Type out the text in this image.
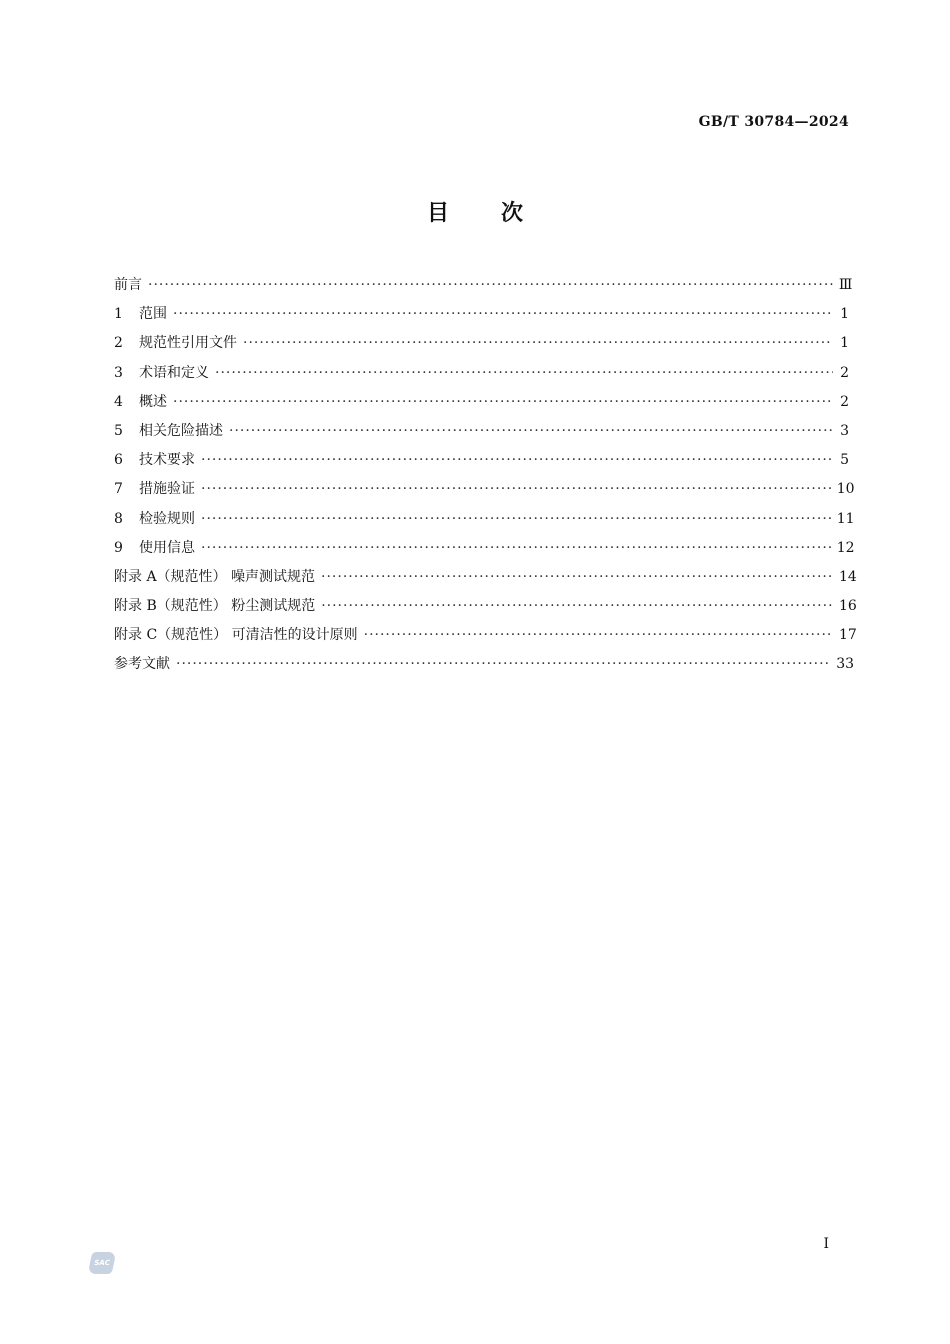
GB/T 30784—2024
目次
前言 ·····	Ⅲ
1	范围 ·····	1
2	规范性引用文件 ·····	1
3	术语和定义 ·····	2
4	概述 ·····	2
5	相关危险描述 ·····	3
6	技术要求 ·····	5
7	措施验证 ·····	10
8	检验规则 ·····	11
9	使用信息 ·····	12
附录 A（规范性） 噪声测试规范 ·····	14
附录 B（规范性） 粉尘测试规范 ·····	16
附录 C（规范性） 可清洁性的设计原则 ·····	17
参考文献 ·····	33
I
SAC
